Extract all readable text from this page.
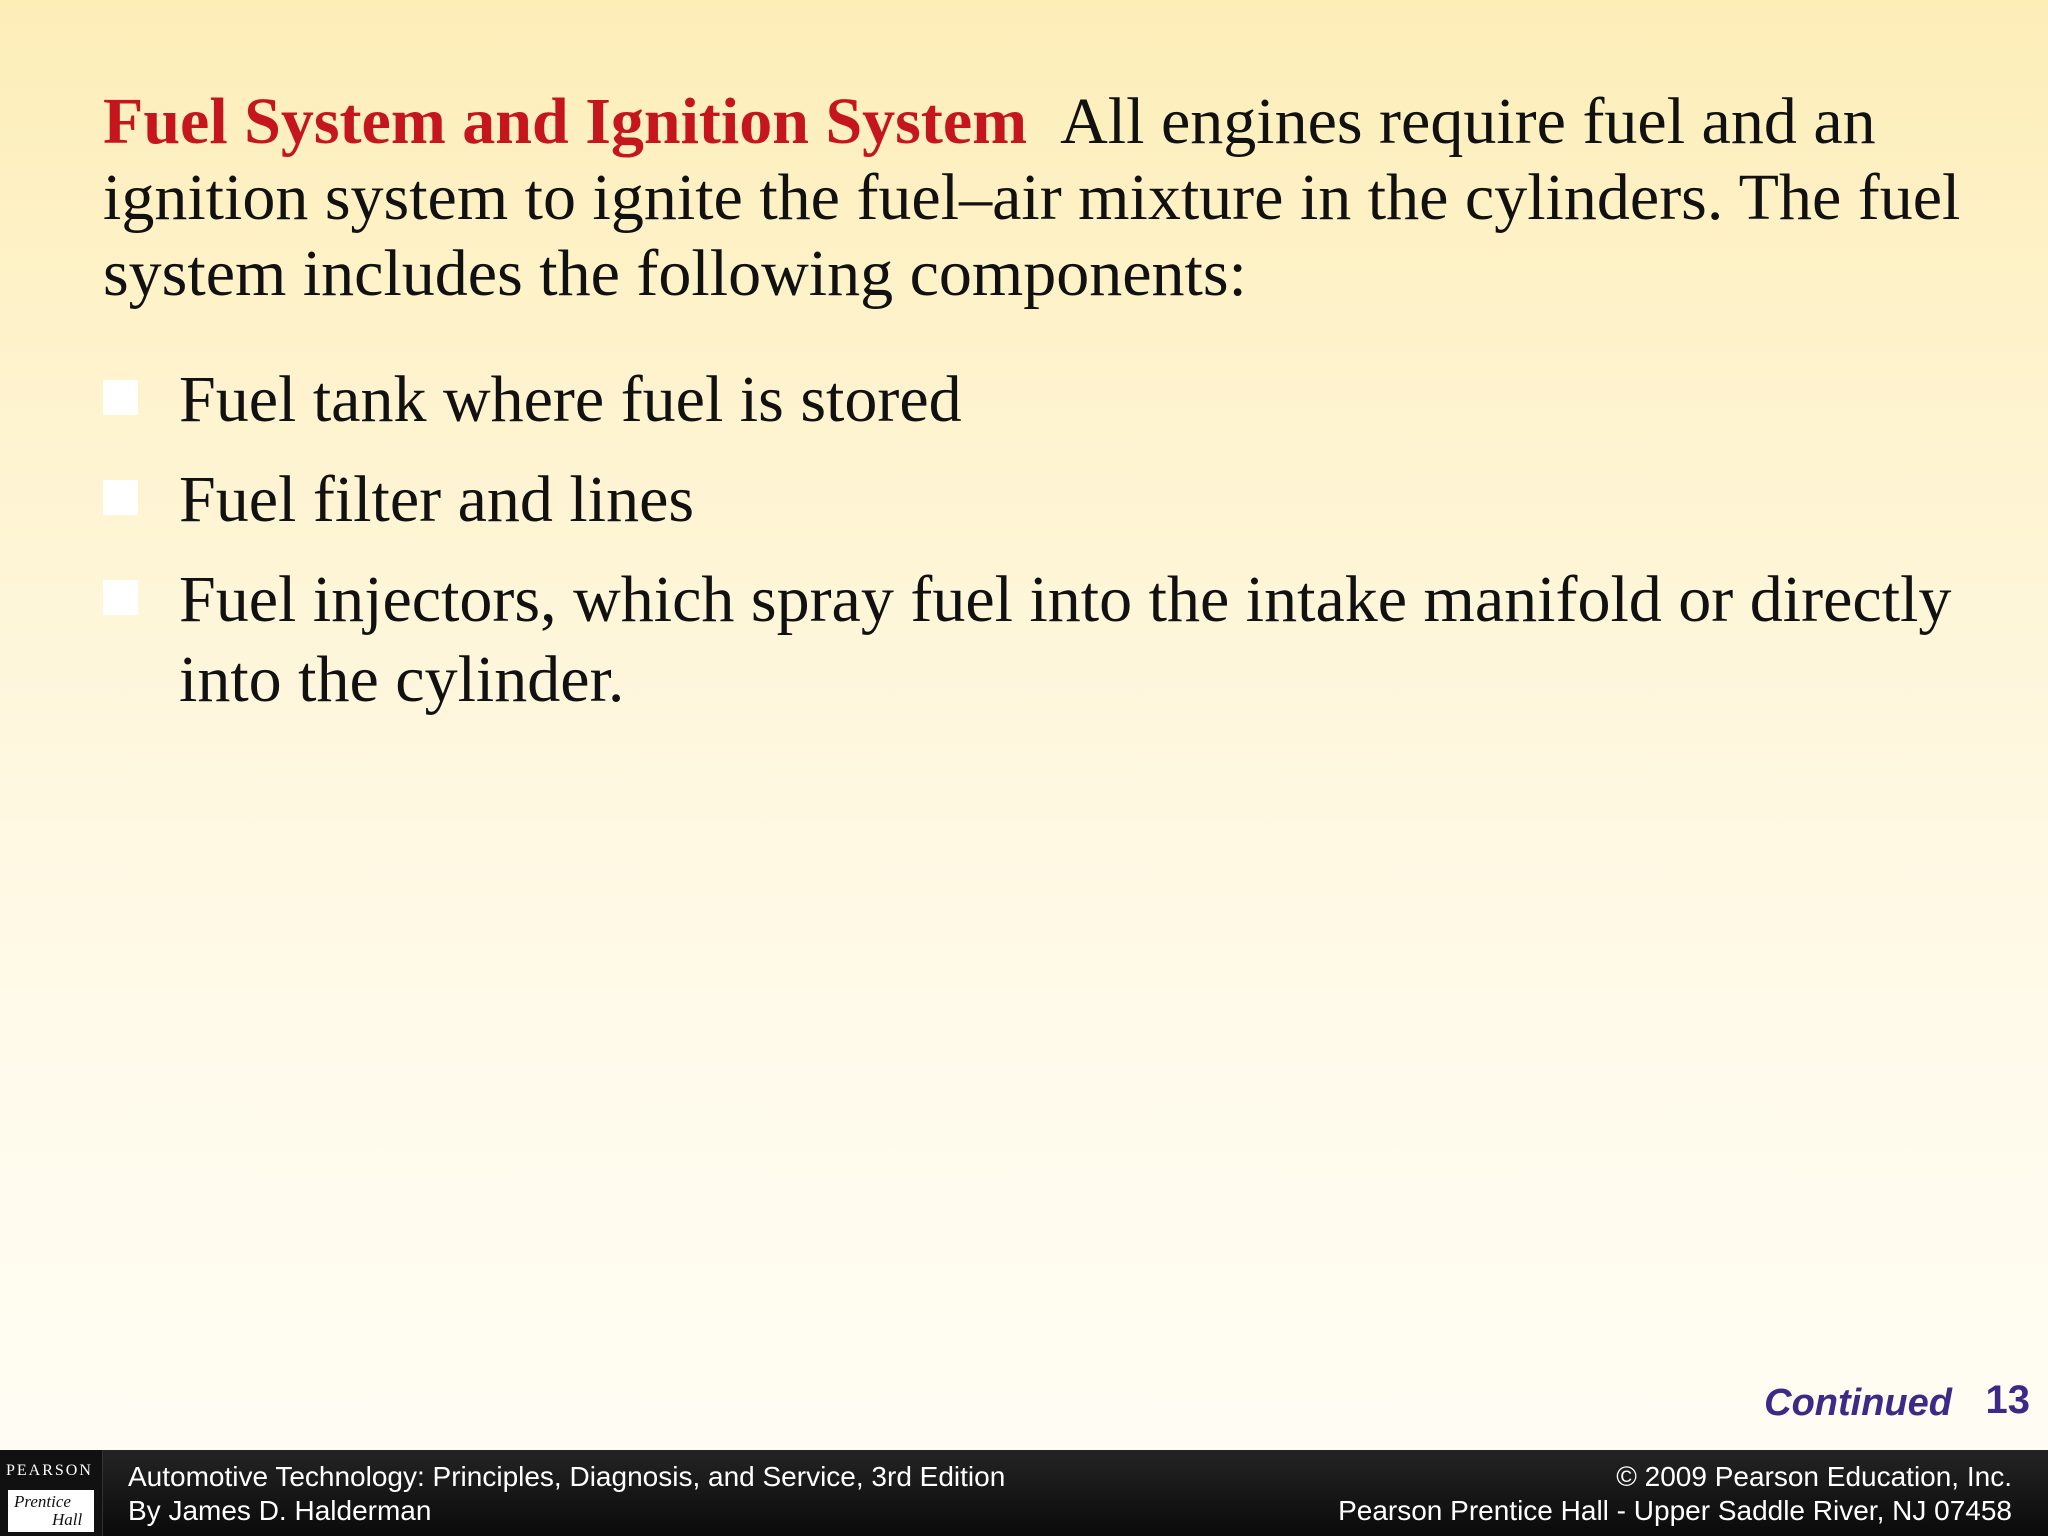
Fuel System and Ignition System All engines require fuel and an ignition system to ignite the fuel–air mixture in the cylinders. The fuel system includes the following components:

Fuel tank where fuel is stored
Fuel filter and lines
Fuel injectors, which spray fuel into the intake manifold or directly into the cylinder.
Continued 13
PEARSON
Prentice
Hall
Automotive Technology: Principles, Diagnosis, and Service, 3rd Edition
By James D. Halderman
© 2009 Pearson Education, Inc.
Pearson Prentice Hall - Upper Saddle River, NJ 07458
